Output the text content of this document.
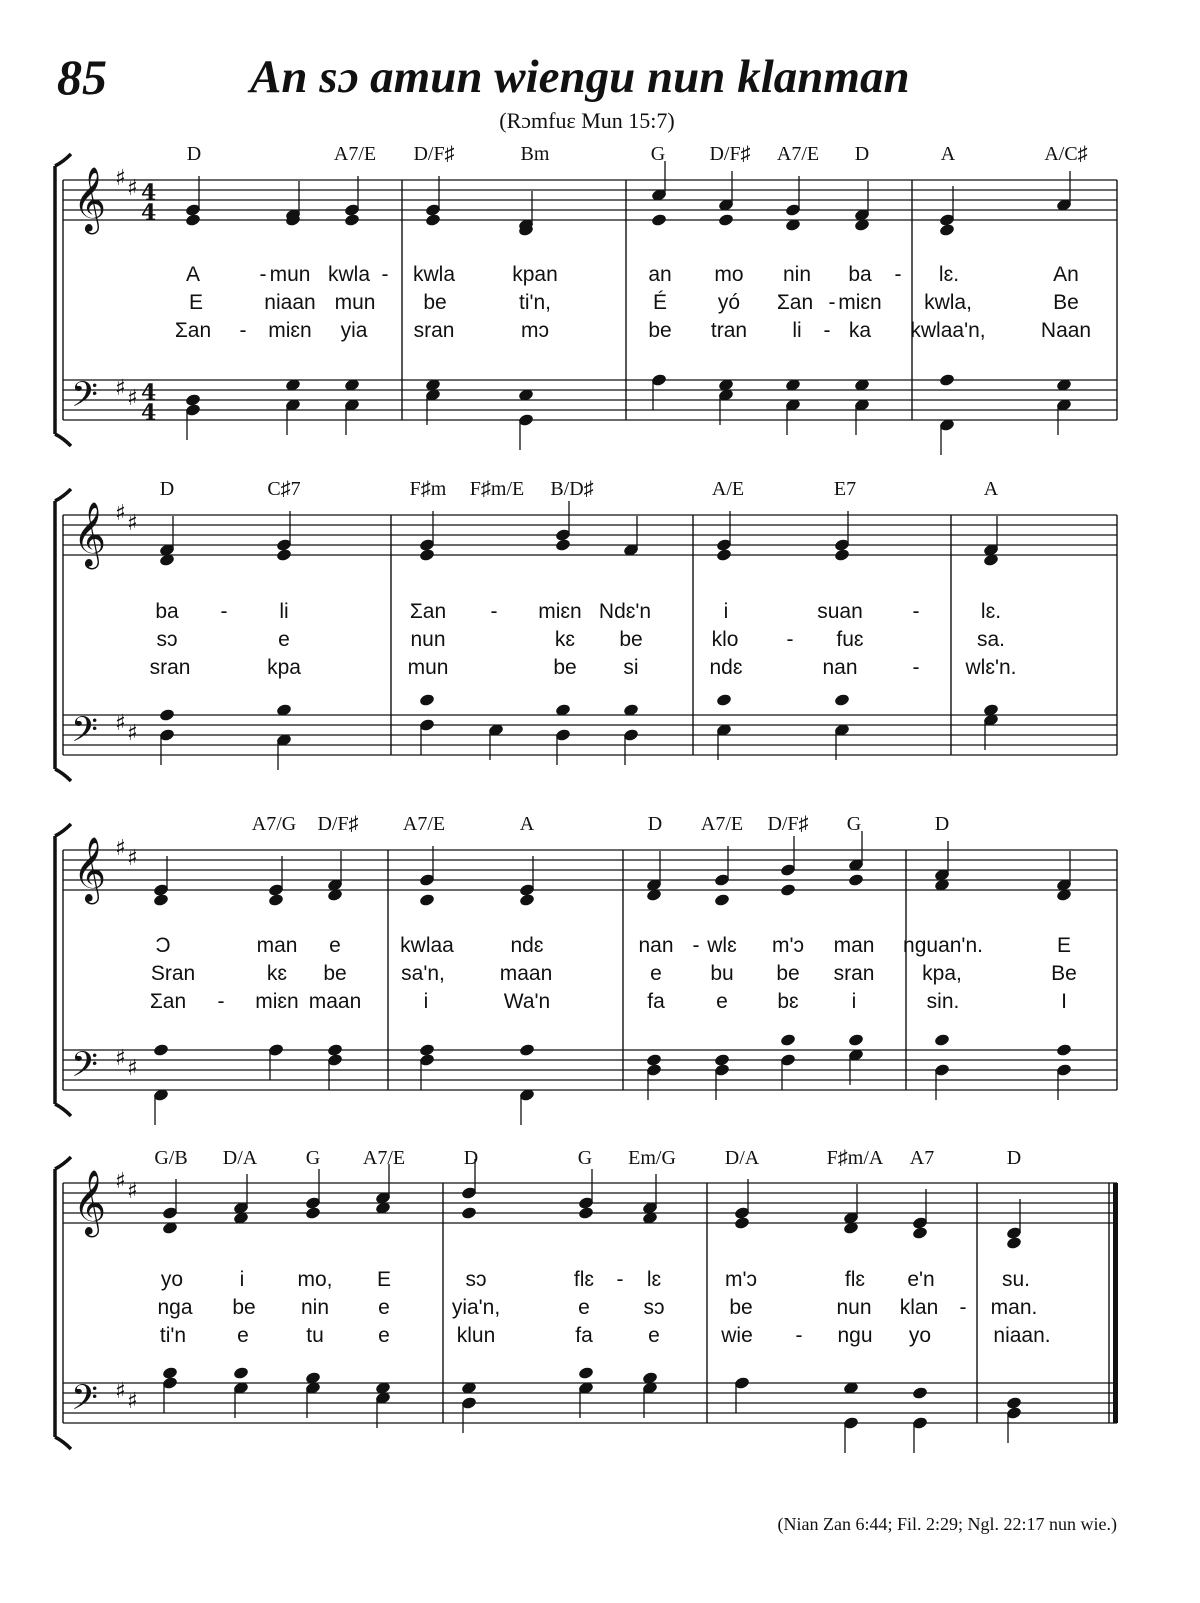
85	An sɔ amun wiengu nun klanman
(Rɔmfuɛ Mun 15:7)
D	A7/E D/F♯	Bm	G D/F♯ A7/E D	A	A/C♯
A	- mun kwla - kwla	kpan	an mo nin ba - lɛ.	An
E	niaan mun be	ti'n,	É yó Ʃan - miɛn kwla,	Be
Ʃan - miɛn yia sran	mɔ	be tran li - ka kwlaa'n,	Naan
D	C♯7	F♯m F♯m/E B/D♯	A/E	E7	A
ba - li	Ʃan - miɛn Ndɛ'n	i	suan -	lɛ.
sɔ	e	nun	kɛ be	klo - fuɛ	sa.
sran	kpa	mun	be si	ndɛ	nan	- wlɛ'n.
A7/G D/F♯ A7/E	A	D A7/E D/F♯ G	D
Ɔ	man e	kwlaa	ndɛ	nan - wlɛ m'ɔ man nguan'n.	E
Sran	kɛ be	sa'n,	maan	e bu be sran kpa,	Be
Ʃan - miɛn maan	i	Wa'n	fa e bɛ	i	sin.	I
G/B D/A G A7/E	D	G Em/G D/A	F♯m/A A7	D
yo	i	mo, E	sɔ	flɛ - lɛ	m'ɔ	flɛ e'n	su.
nga be nin e	yia'n,	e	sɔ	be	nun klan - man.
ti'n e	tu	e	klun	fa	e	wie - ngu yo	niaan.
𝄞
𝄢
♯ ♯
♯ ♯
4
4
4
4
𝄞
𝄢
♯ ♯
♯ ♯
𝄞
𝄢
♯ ♯
♯ ♯
𝄞
𝄢
♯ ♯
♯ ♯
(Nian Zan 6:44; Fil. 2:29; Ngl. 22:17 nun wie.)
